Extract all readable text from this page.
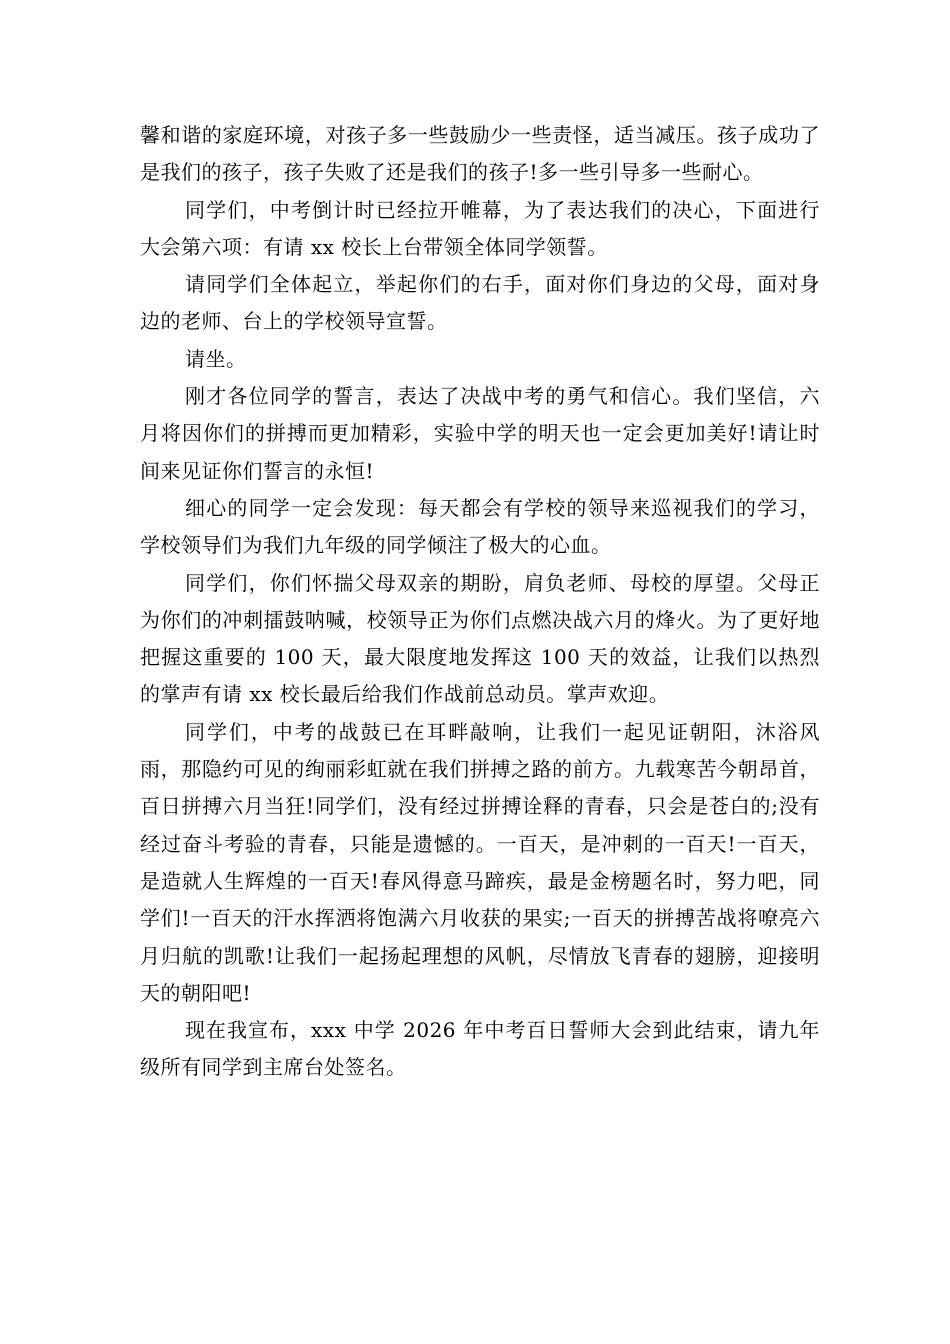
馨和谐的家庭环境，对孩子多一些鼓励少一些责怪，适当减压。孩子成功了是我们的孩子，孩子失败了还是我们的孩子!多一些引导多一些耐心。

同学们，中考倒计时已经拉开帷幕，为了表达我们的决心，下面进行大会第六项：有请 xx 校长上台带领全体同学领誓。

请同学们全体起立，举起你们的右手，面对你们身边的父母，面对身边的老师、台上的学校领导宣誓。

请坐。

刚才各位同学的誓言，表达了决战中考的勇气和信心。我们坚信，六月将因你们的拼搏而更加精彩，实验中学的明天也一定会更加美好!请让时间来见证你们誓言的永恒!

细心的同学一定会发现：每天都会有学校的领导来巡视我们的学习，学校领导们为我们九年级的同学倾注了极大的心血。

同学们，你们怀揣父母双亲的期盼，肩负老师、母校的厚望。父母正为你们的冲刺擂鼓呐喊，校领导正为你们点燃决战六月的烽火。为了更好地把握这重要的 100 天，最大限度地发挥这 100 天的效益，让我们以热烈的掌声有请 xx 校长最后给我们作战前总动员。掌声欢迎。

同学们，中考的战鼓已在耳畔敲响，让我们一起见证朝阳，沐浴风雨，那隐约可见的绚丽彩虹就在我们拼搏之路的前方。九载寒苦今朝昂首，百日拼搏六月当狂!同学们，没有经过拼搏诠释的青春，只会是苍白的;没有经过奋斗考验的青春，只能是遗憾的。一百天，是冲刺的一百天!一百天，是造就人生辉煌的一百天!春风得意马蹄疾，最是金榜题名时，努力吧，同学们!一百天的汗水挥洒将饱满六月收获的果实;一百天的拼搏苦战将嘹亮六月归航的凯歌!让我们一起扬起理想的风帆，尽情放飞青春的翅膀，迎接明天的朝阳吧!

现在我宣布，xxx 中学 2026 年中考百日誓师大会到此结束，请九年级所有同学到主席台处签名。
